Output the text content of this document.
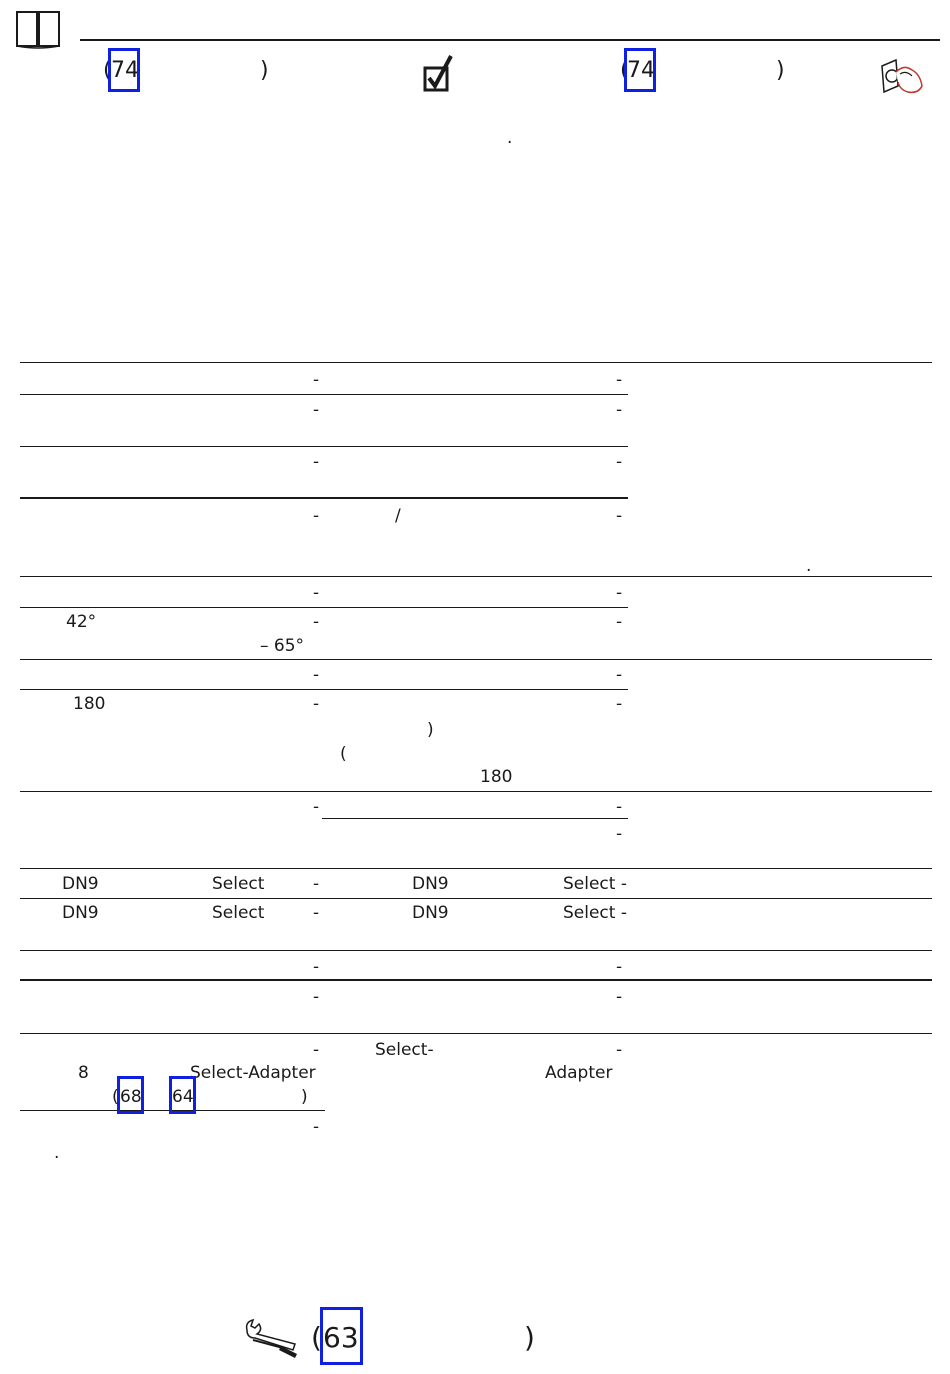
( 74	)	(
74	)
.
-	-
-	-
-	-
-	/	-
.
-	-
42°	-	-
– 65°
-	-
180	-	-
)
(
180
-	-
-
DN9	Select	-	DN9	Select -
DN9	Select	-	DN9	Select -
-	-
-	-
-	Select-	-
8	Select-Adapter	Adapter
( 68 64	)
-
.
( 63	)
